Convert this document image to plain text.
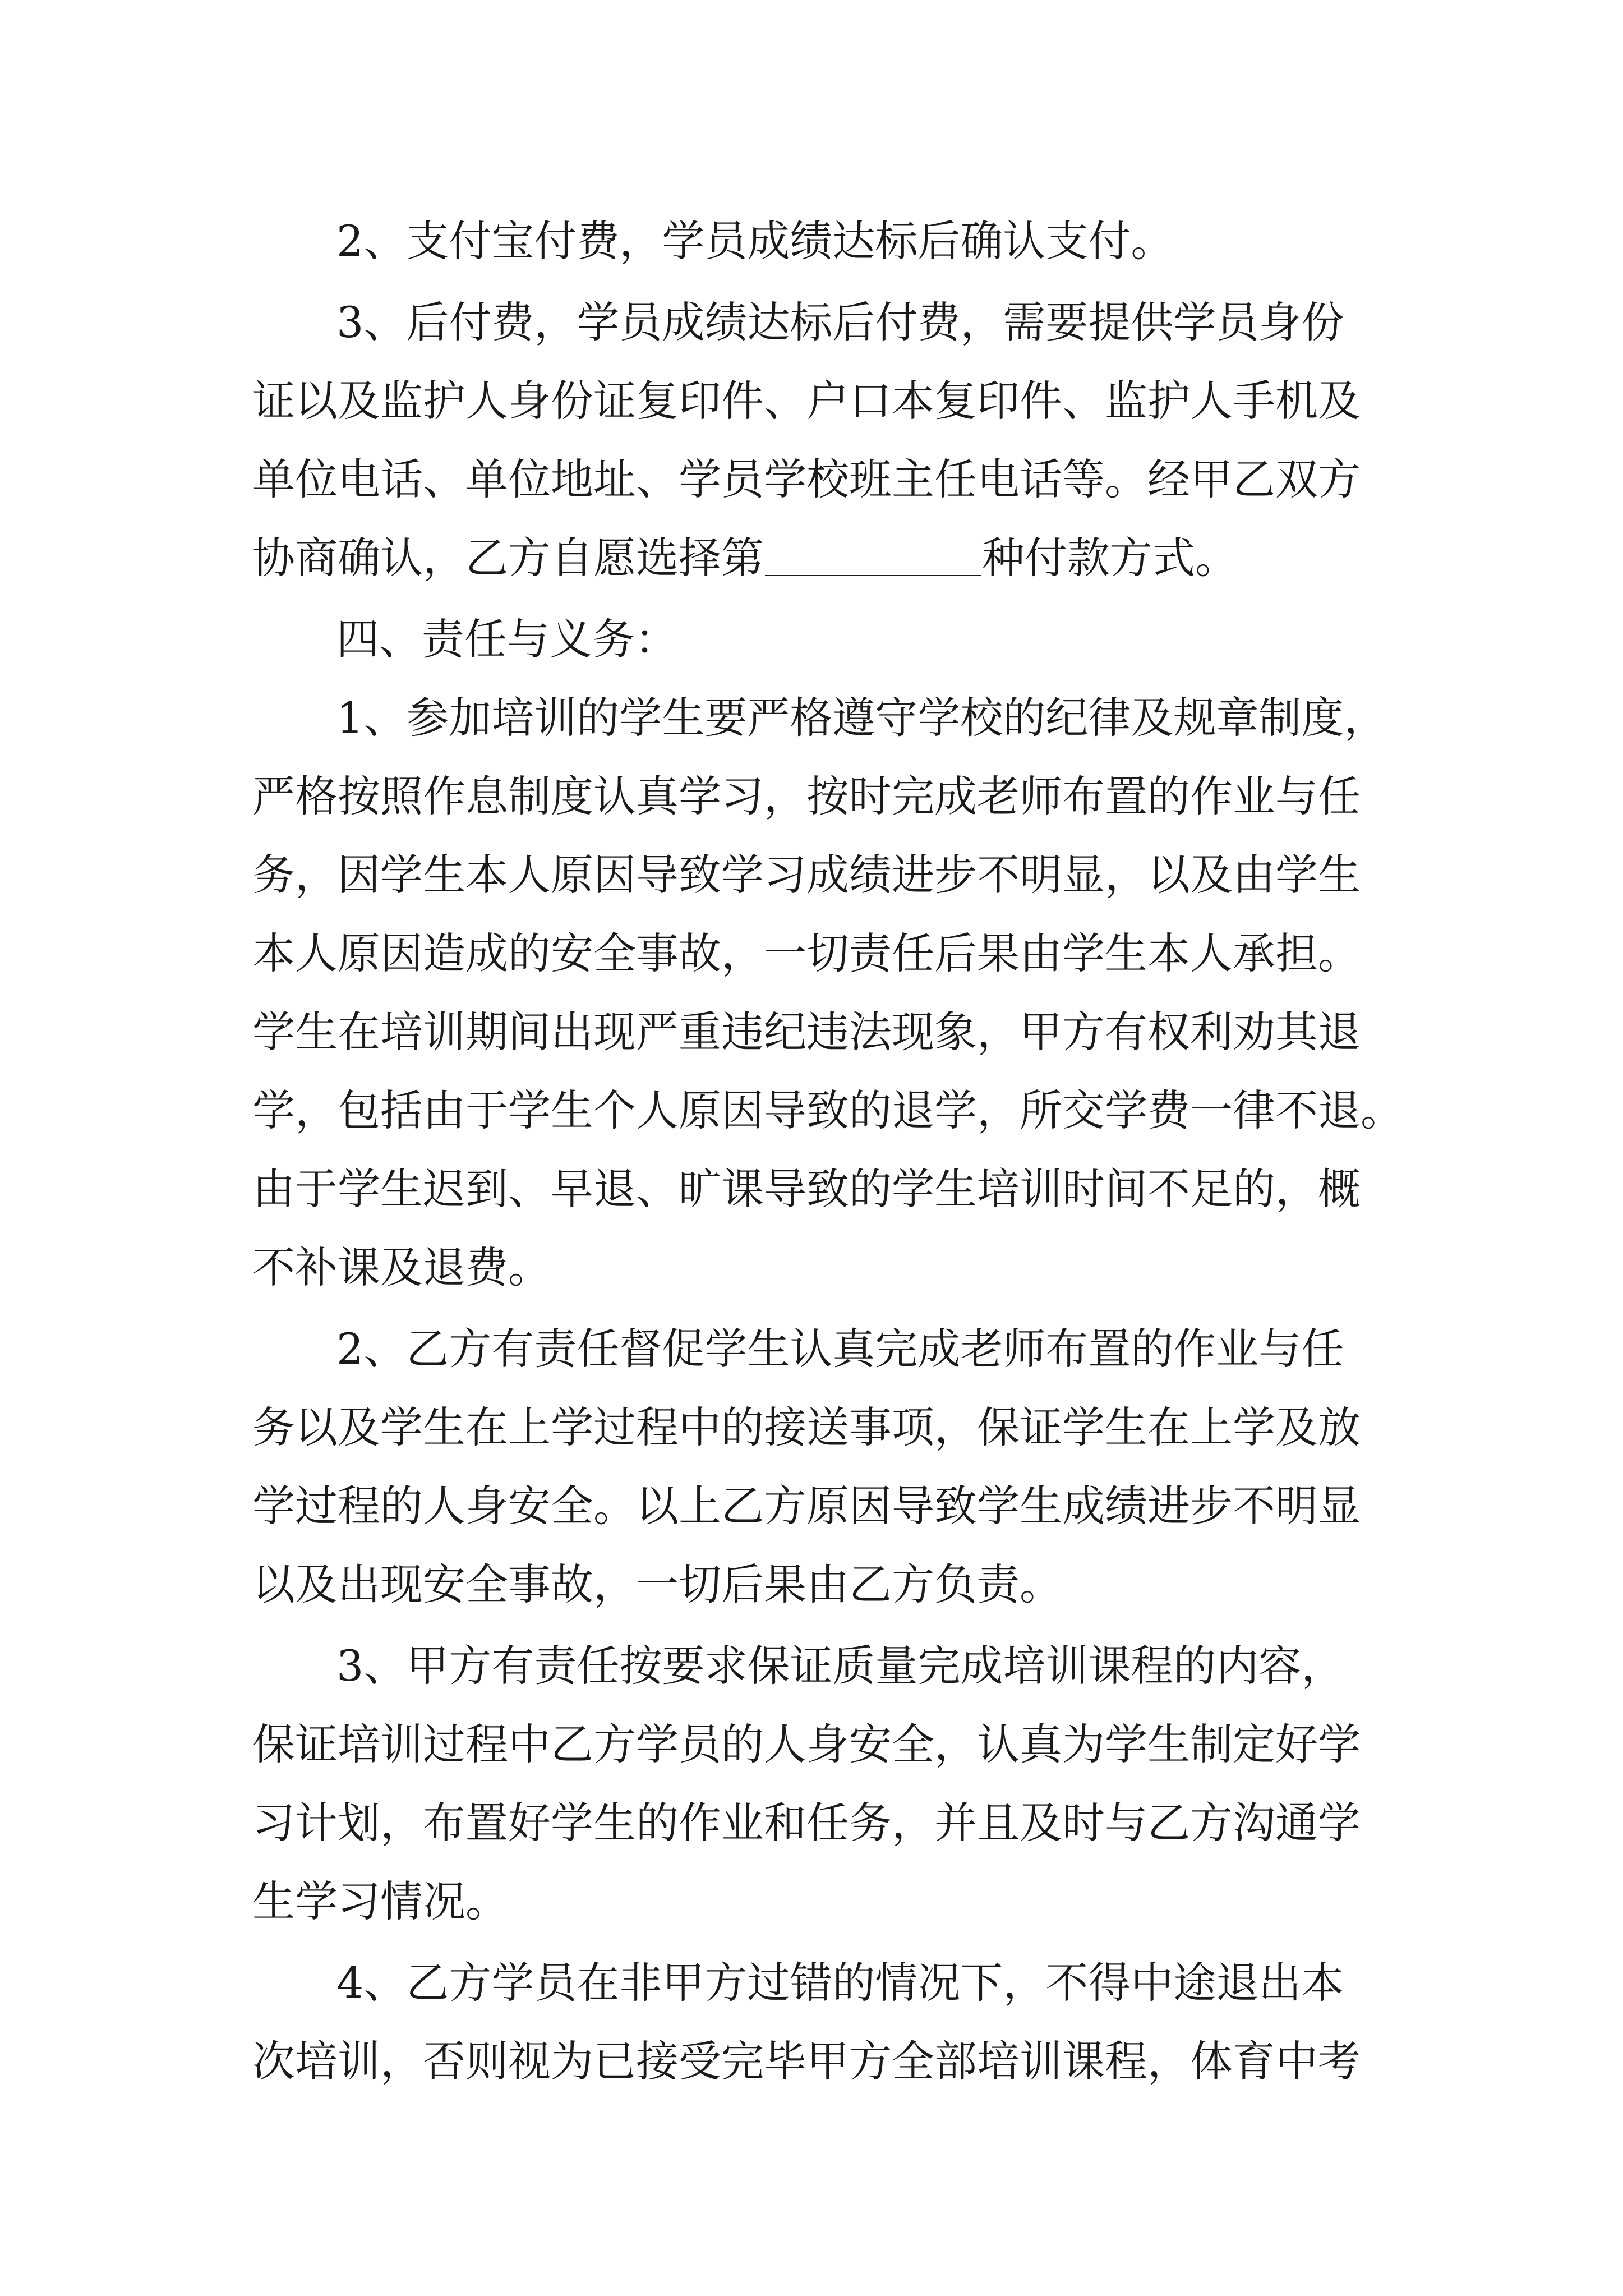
2、支付宝付费，学员成绩达标后确认支付。
3、后付费，学员成绩达标后付费，需要提供学员身份
证以及监护人身份证复印件、户口本复印件、监护人手机及
单位电话、单位地址、学员学校班主任电话等。经甲乙双方
协商确认，乙方自愿选择第	种付款方式。
四、责任与义务：
1、参加培训的学生要严格遵守学校的纪律及规章制度，
严格按照作息制度认真学习，按时完成老师布置的作业与任
务，因学生本人原因导致学习成绩进步不明显，以及由学生
本人原因造成的安全事故，一切责任后果由学生本人承担。
学生在培训期间出现严重违纪违法现象，甲方有权利劝其退
学，包括由于学生个人原因导致的退学，所交学费一律不退。
由于学生迟到、早退、旷课导致的学生培训时间不足的，概
不补课及退费。
2、乙方有责任督促学生认真完成老师布置的作业与任
务以及学生在上学过程中的接送事项，保证学生在上学及放
学过程的人身安全。以上乙方原因导致学生成绩进步不明显
以及出现安全事故，一切后果由乙方负责。
3、甲方有责任按要求保证质量完成培训课程的内容，
保证培训过程中乙方学员的人身安全，认真为学生制定好学
习计划，布置好学生的作业和任务，并且及时与乙方沟通学
生学习情况。
4、乙方学员在非甲方过错的情况下，不得中途退出本
次培训，否则视为已接受完毕甲方全部培训课程，体育中考
